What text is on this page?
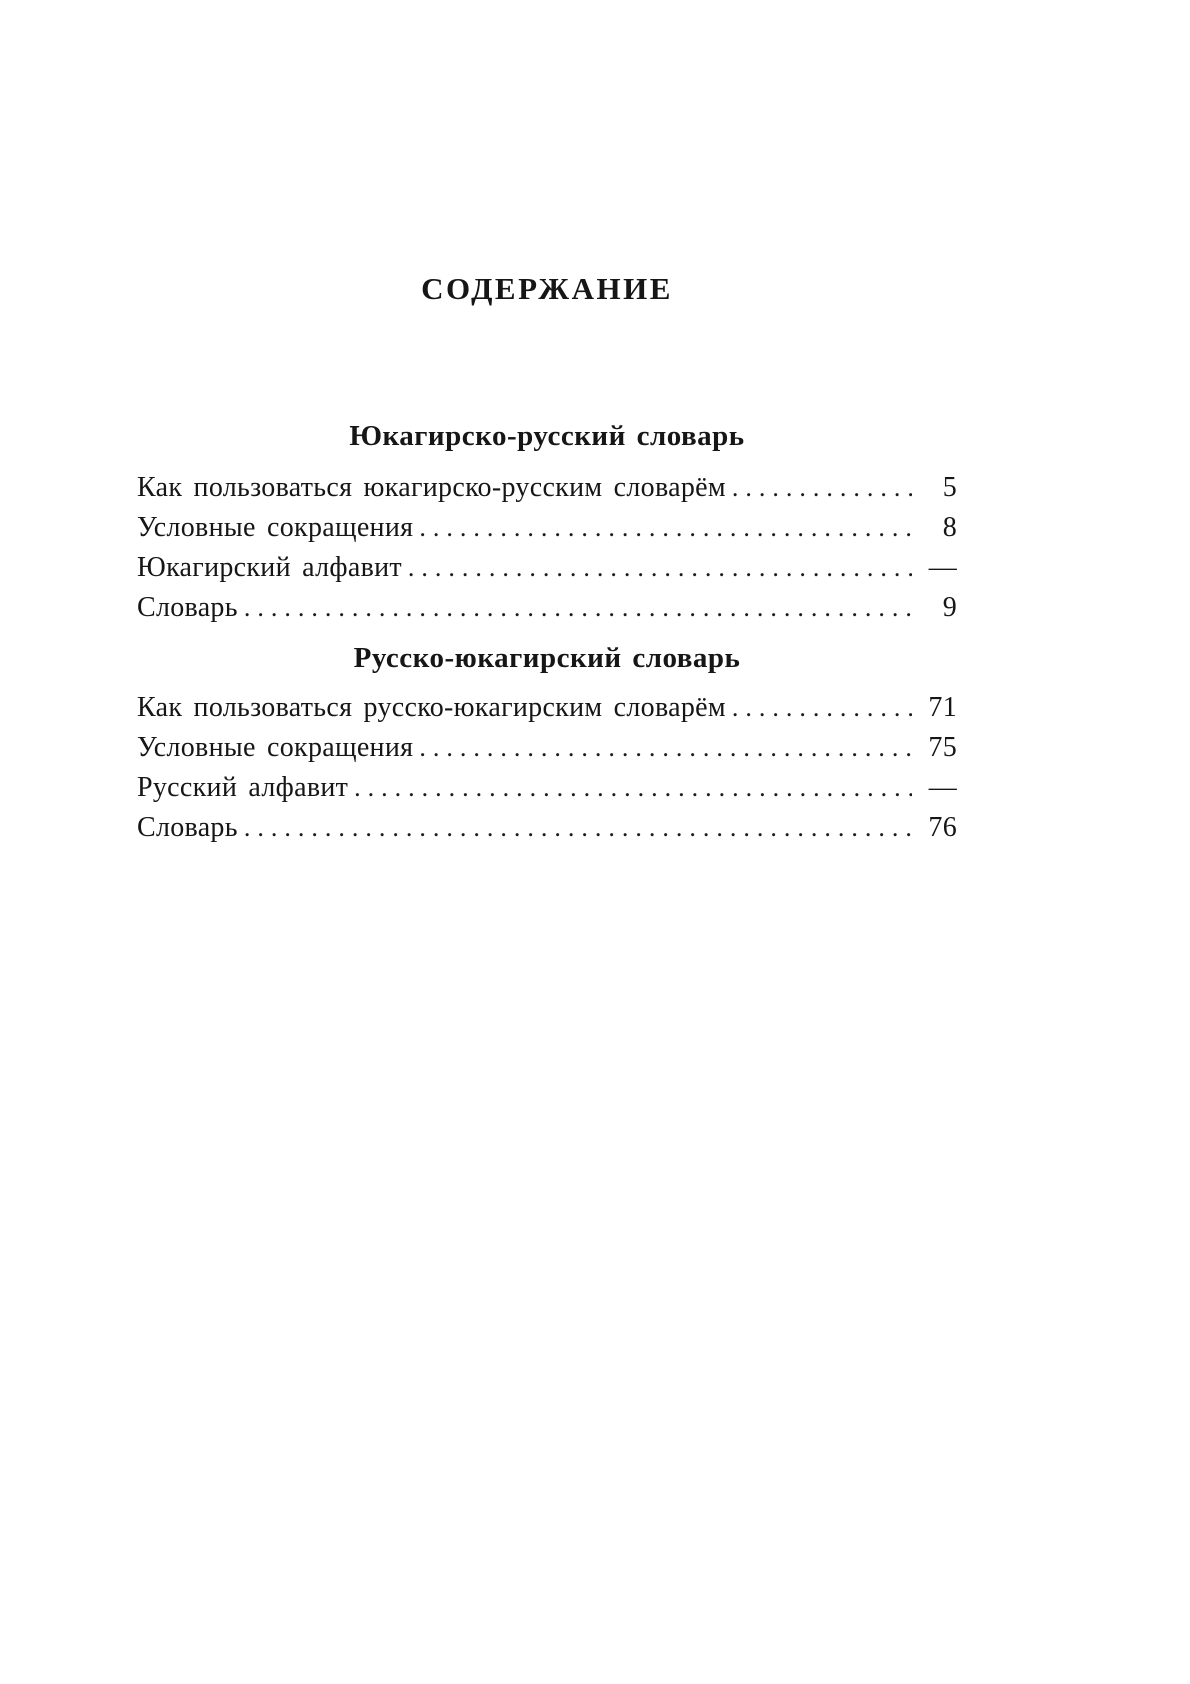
СОДЕРЖАНИЕ
Юкагирско-русский словарь
Как пользоваться юкагирско-русским словарём .....	5
Условные сокращения .....	8
Юкагирский алфавит .....	—
Словарь .....	9
Русско-юкагирский словарь
Как пользоваться русско-юкагирским словарём .....	71
Условные сокращения .....	75
Русский алфавит .....	—
Словарь .....	76
